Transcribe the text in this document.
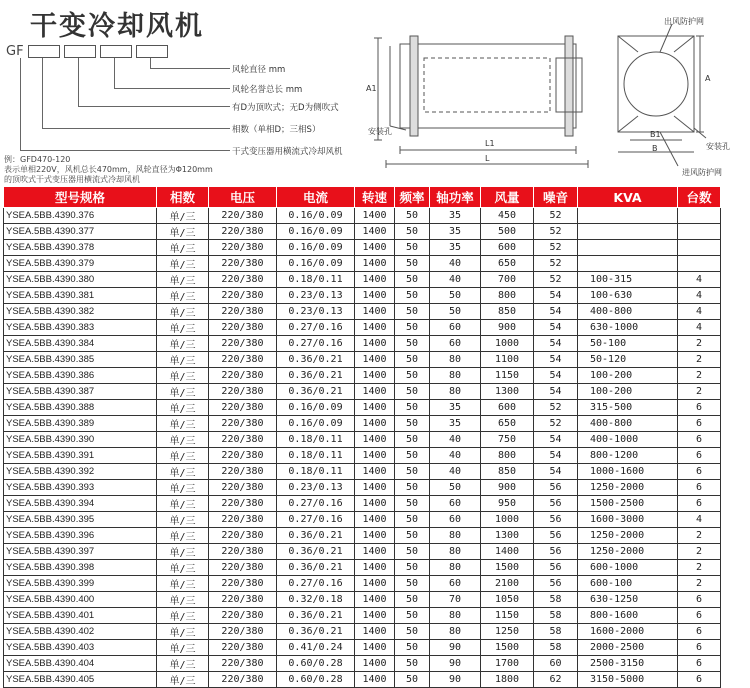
干变冷却风机
GF
风轮直径 mm
风轮名誉总长 mm
有D为顶吹式；无D为侧吹式
相数（单相D；三相S）
干式变压器用横流式冷却风机
例：GFD470-120
表示单相220V，风机总长470mm，风轮直径为Φ120mm
的顶吹式干式变压器用横流式冷却风机
A1
A
L1
L
B1
B
出风防护网
进风防护网
安装孔
安装孔
型号规格	相数	电压	电流	转速	频率	轴功率	风量	噪音	KVA	台数
YSEA.5BB.4390.376	单/三	220/380	0.16/0.09	1400	50	35	450	52		
YSEA.5BB.4390.377	单/三	220/380	0.16/0.09	1400	50	35	500	52		
YSEA.5BB.4390.378	单/三	220/380	0.16/0.09	1400	50	35	600	52		
YSEA.5BB.4390.379	单/三	220/380	0.16/0.09	1400	50	40	650	52		
YSEA.5BB.4390.380	单/三	220/380	0.18/0.11	1400	50	40	700	52	100-315	4
YSEA.5BB.4390.381	单/三	220/380	0.23/0.13	1400	50	50	800	54	100-630	4
YSEA.5BB.4390.382	单/三	220/380	0.23/0.13	1400	50	50	850	54	400-800	4
YSEA.5BB.4390.383	单/三	220/380	0.27/0.16	1400	50	60	900	54	630-1000	4
YSEA.5BB.4390.384	单/三	220/380	0.27/0.16	1400	50	60	1000	54	50-100	2
YSEA.5BB.4390.385	单/三	220/380	0.36/0.21	1400	50	80	1100	54	50-120	2
YSEA.5BB.4390.386	单/三	220/380	0.36/0.21	1400	50	80	1150	54	100-200	2
YSEA.5BB.4390.387	单/三	220/380	0.36/0.21	1400	50	80	1300	54	100-200	2
YSEA.5BB.4390.388	单/三	220/380	0.16/0.09	1400	50	35	600	52	315-500	6
YSEA.5BB.4390.389	单/三	220/380	0.16/0.09	1400	50	35	650	52	400-800	6
YSEA.5BB.4390.390	单/三	220/380	0.18/0.11	1400	50	40	750	54	400-1000	6
YSEA.5BB.4390.391	单/三	220/380	0.18/0.11	1400	50	40	800	54	800-1200	6
YSEA.5BB.4390.392	单/三	220/380	0.18/0.11	1400	50	40	850	54	1000-1600	6
YSEA.5BB.4390.393	单/三	220/380	0.23/0.13	1400	50	50	900	56	1250-2000	6
YSEA.5BB.4390.394	单/三	220/380	0.27/0.16	1400	50	60	950	56	1500-2500	6
YSEA.5BB.4390.395	单/三	220/380	0.27/0.16	1400	50	60	1000	56	1600-3000	4
YSEA.5BB.4390.396	单/三	220/380	0.36/0.21	1400	50	80	1300	56	1250-2000	2
YSEA.5BB.4390.397	单/三	220/380	0.36/0.21	1400	50	80	1400	56	1250-2000	2
YSEA.5BB.4390.398	单/三	220/380	0.36/0.21	1400	50	80	1500	56	600-1000	2
YSEA.5BB.4390.399	单/三	220/380	0.27/0.16	1400	50	60	2100	56	600-100	2
YSEA.5BB.4390.400	单/三	220/380	0.32/0.18	1400	50	70	1050	58	630-1250	6
YSEA.5BB.4390.401	单/三	220/380	0.36/0.21	1400	50	80	1150	58	800-1600	6
YSEA.5BB.4390.402	单/三	220/380	0.36/0.21	1400	50	80	1250	58	1600-2000	6
YSEA.5BB.4390.403	单/三	220/380	0.41/0.24	1400	50	90	1500	58	2000-2500	6
YSEA.5BB.4390.404	单/三	220/380	0.60/0.28	1400	50	90	1700	60	2500-3150	6
YSEA.5BB.4390.405	单/三	220/380	0.60/0.28	1400	50	90	1800	62	3150-5000	6
